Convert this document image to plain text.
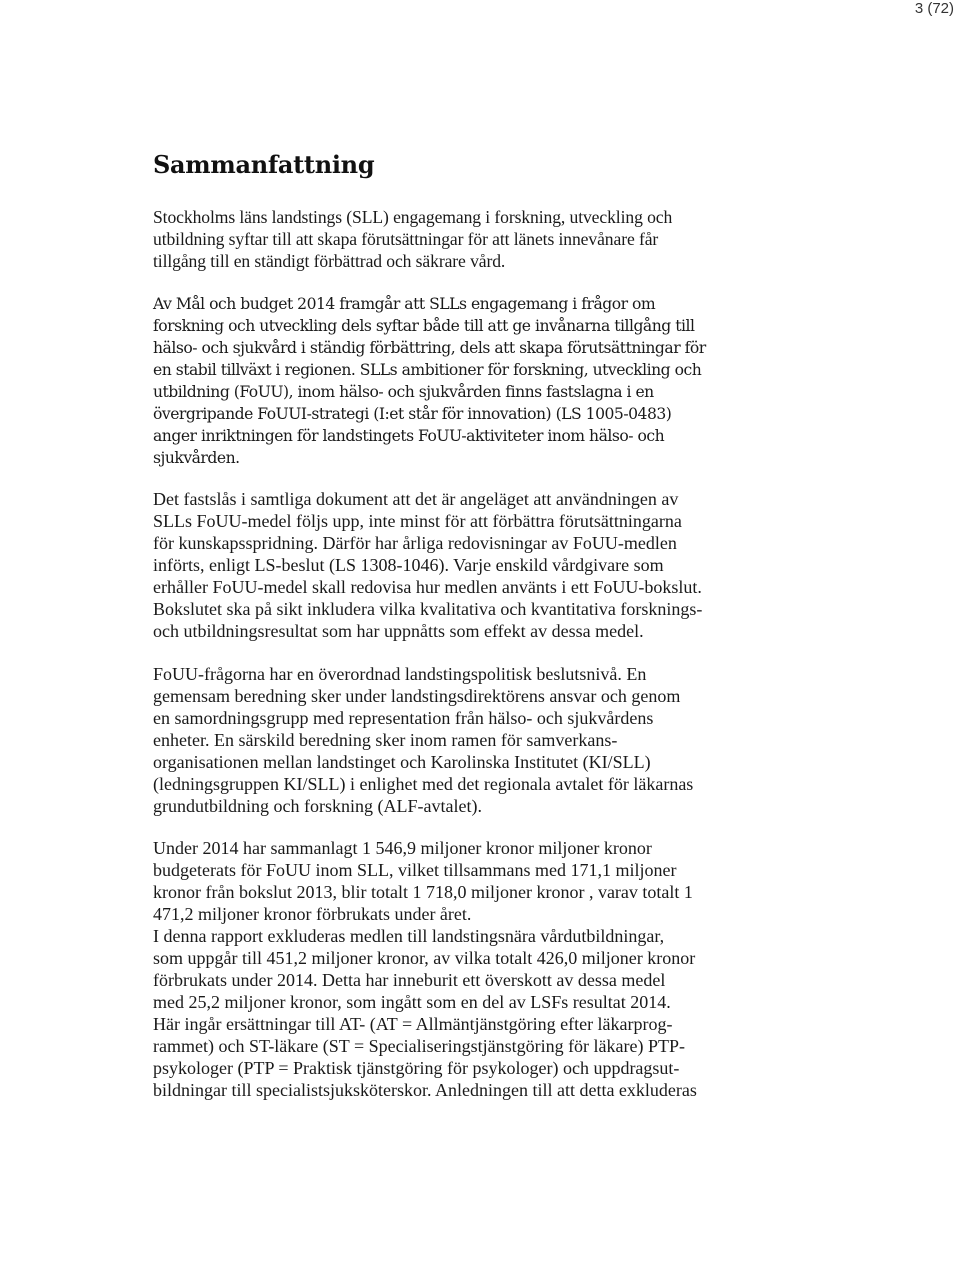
3 (72)
Sammanfattning
Stockholms läns landstings (SLL) engagemang i forskning, utveckling och
utbildning syftar till att skapa förutsättningar för att länets innevånare får
tillgång till en ständigt förbättrad och säkrare vård.
Av Mål och budget 2014 framgår att SLLs engagemang i frågor om
forskning och utveckling dels syftar både till att ge invånarna tillgång till
hälso- och sjukvård i ständig förbättring, dels att skapa förutsättningar för
en stabil tillväxt i regionen. SLLs ambitioner för forskning, utveckling och
utbildning (FoUU), inom hälso- och sjukvården finns fastslagna i en
övergripande FoUUI-strategi (I:et står för innovation) (LS 1005-0483)
anger inriktningen för landstingets FoUU-aktiviteter inom hälso- och
sjukvården.
Det fastslås i samtliga dokument att det är angeläget att användningen av
SLLs FoUU-medel följs upp, inte minst för att förbättra förutsättningarna
för kunskapsspridning. Därför har årliga redovisningar av FoUU-medlen
införts, enligt LS-beslut (LS 1308-1046). Varje enskild vårdgivare som
erhåller FoUU-medel skall redovisa hur medlen använts i ett FoUU-bokslut.
Bokslutet ska på sikt inkludera vilka kvalitativa och kvantitativa forsknings-
och utbildningsresultat som har uppnåtts som effekt av dessa medel.
FoUU-frågorna har en överordnad landstingspolitisk beslutsnivå. En
gemensam beredning sker under landstingsdirektörens ansvar och genom
en samordningsgrupp med representation från hälso- och sjukvårdens
enheter. En särskild beredning sker inom ramen för samverkans-
organisationen mellan landstinget och Karolinska Institutet (KI/SLL)
(ledningsgruppen KI/SLL) i enlighet med det regionala avtalet för läkarnas
grundutbildning och forskning (ALF-avtalet).
Under 2014 har sammanlagt 1 546,9 miljoner kronor miljoner kronor
budgeterats för FoUU inom SLL, vilket tillsammans med 171,1 miljoner
kronor från bokslut 2013, blir totalt 1 718,0 miljoner kronor , varav totalt 1
471,2 miljoner kronor förbrukats under året.
I denna rapport exkluderas medlen till landstingsnära vårdutbildningar,
som uppgår till 451,2 miljoner kronor, av vilka totalt 426,0 miljoner kronor
förbrukats under 2014. Detta har inneburit ett överskott av dessa medel
med 25,2 miljoner kronor, som ingått som en del av LSFs resultat 2014.
Här ingår ersättningar till AT- (AT = Allmäntjänstgöring efter läkarprog-
rammet) och ST-läkare (ST = Specialiseringstjänstgöring för läkare) PTP-
psykologer (PTP = Praktisk tjänstgöring för psykologer) och uppdragsut-
bildningar till specialistsjuksköterskor. Anledningen till att detta exkluderas
